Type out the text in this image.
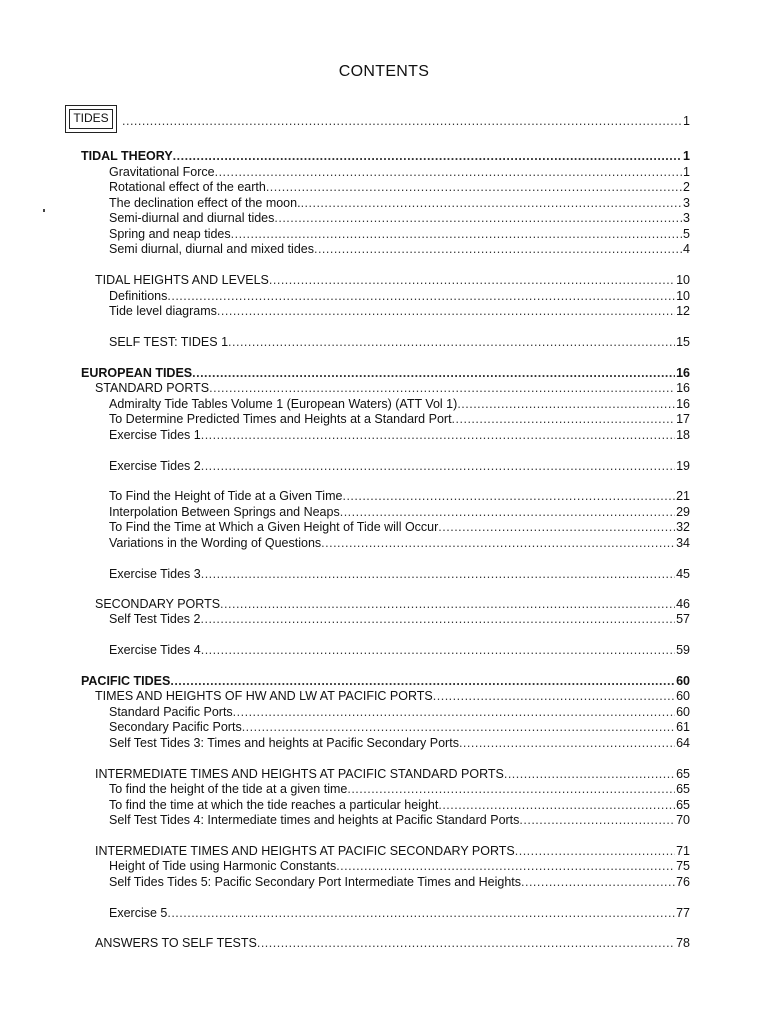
CONTENTS
TIDES .....	1
TIDAL THEORY .....	1
Gravitational Force .....	1
Rotational effect of the earth .....	2
The declination effect of the moon. .....	3
Semi-diurnal and diurnal tides .....	3
Spring and neap tides .....	5
Semi diurnal, diurnal and mixed tides .....	4
TIDAL HEIGHTS AND LEVELS .....	10
Definitions .....	10
Tide level diagrams .....	12
SELF TEST: TIDES 1 .....	15
EUROPEAN TIDES .....	16
STANDARD PORTS .....	16
Admiralty Tide Tables Volume 1 (European Waters) (ATT Vol 1) .....	16
To Determine Predicted Times and Heights at a Standard Port .....	17
Exercise Tides 1 .....	18
Exercise Tides 2 .....	19
To Find the Height of Tide at a Given Time .....	21
Interpolation Between Springs and Neaps .....	29
To Find the Time at Which a Given Height of Tide will Occur .....	32
Variations in the Wording of Questions .....	34
Exercise Tides 3 .....	45
SECONDARY PORTS .....	46
Self Test Tides 2 .....	57
Exercise Tides 4 .....	59
PACIFIC TIDES .....	60
TIMES AND HEIGHTS OF HW AND LW AT PACIFIC PORTS .....	60
Standard Pacific Ports .....	60
Secondary Pacific Ports .....	61
Self Test Tides 3: Times and heights at Pacific Secondary Ports .....	64
INTERMEDIATE TIMES AND HEIGHTS AT PACIFIC STANDARD PORTS .....	65
To find the height of the tide at a given time .....	65
To find the time at which the tide reaches a particular height .....	65
Self Test Tides 4: Intermediate times and heights at Pacific Standard Ports .....	70
INTERMEDIATE TIMES AND HEIGHTS AT PACIFIC SECONDARY PORTS .....	71
Height of Tide using Harmonic Constants .....	75
Self Tides Tides 5: Pacific Secondary Port Intermediate Times and Heights .....	76
Exercise 5 .....	77
ANSWERS TO SELF TESTS .....	78
